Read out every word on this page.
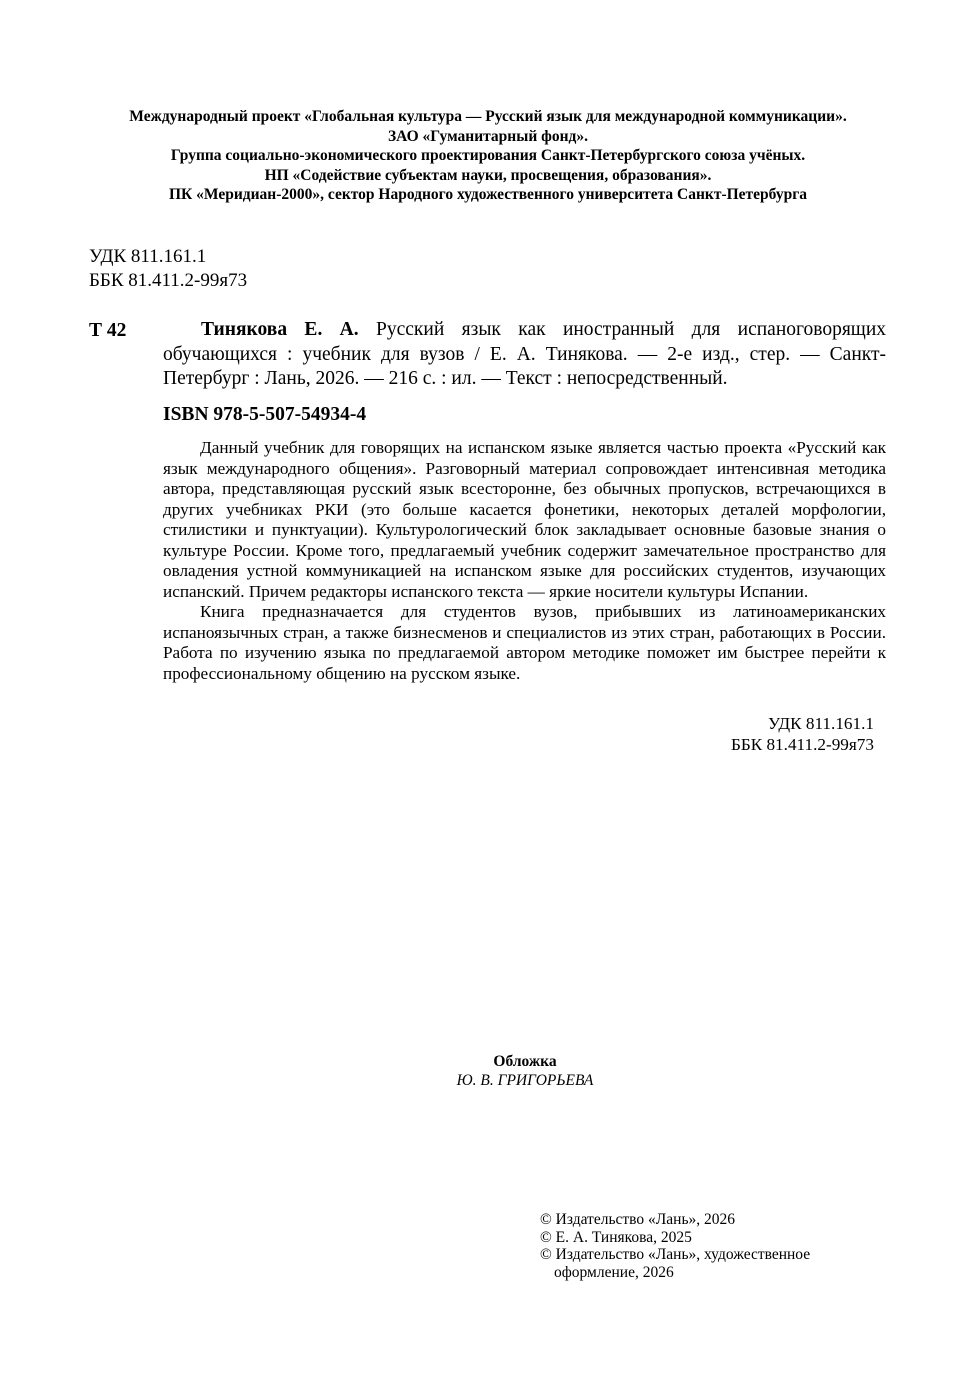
Международный проект «Глобальная культура — Русский язык для международной коммуникации».
ЗАО «Гуманитарный фонд».
Группа социально-экономического проектирования Санкт-Петербургского союза учёных.
НП «Содействие субъектам науки, просвещения, образования».
ПК «Меридиан-2000», сектор Народного художественного университета Санкт-Петербурга
УДК 811.161.1
ББК 81.411.2-99я73
Т 42	Тинякова Е. А. Русский язык как иностранный для испаноговорящих обучающихся : учебник для вузов / Е. А. Тинякова. — 2-е изд., стер. — Санкт-Петербург : Лань, 2026. — 216 с. : ил. — Текст : непосредственный.
ISBN 978-5-507-54934-4

Данный учебник для говорящих на испанском языке является частью проекта «Русский как язык международного общения». Разговорный материал сопровождает интенсивная методика автора, представляющая русский язык всесторонне, без обычных пропусков, встречающихся в других учебниках РКИ (это больше касается фонетики, некоторых деталей морфологии, стилистики и пунктуации). Культурологический блок закладывает основные базовые знания о культуре России. Кроме того, предлагаемый учебник содержит замечательное пространство для овладения устной коммуникацией на испанском языке для российских студентов, изучающих испанский. Причем редакторы испанского текста — яркие носители культуры Испании.

Книга предназначается для студентов вузов, прибывших из латиноамериканских испаноязычных стран, а также бизнесменов и специалистов из этих стран, работающих в России. Работа по изучению языка по предлагаемой автором методике поможет им быстрее перейти к профессиональному общению на русском языке.

УДК 811.161.1
ББК 81.411.2-99я73
Обложка
Ю. В. ГРИГОРЬЕВА
© Издательство «Лань», 2026
© Е. А. Тинякова, 2025
© Издательство «Лань», художественное
оформление, 2026
